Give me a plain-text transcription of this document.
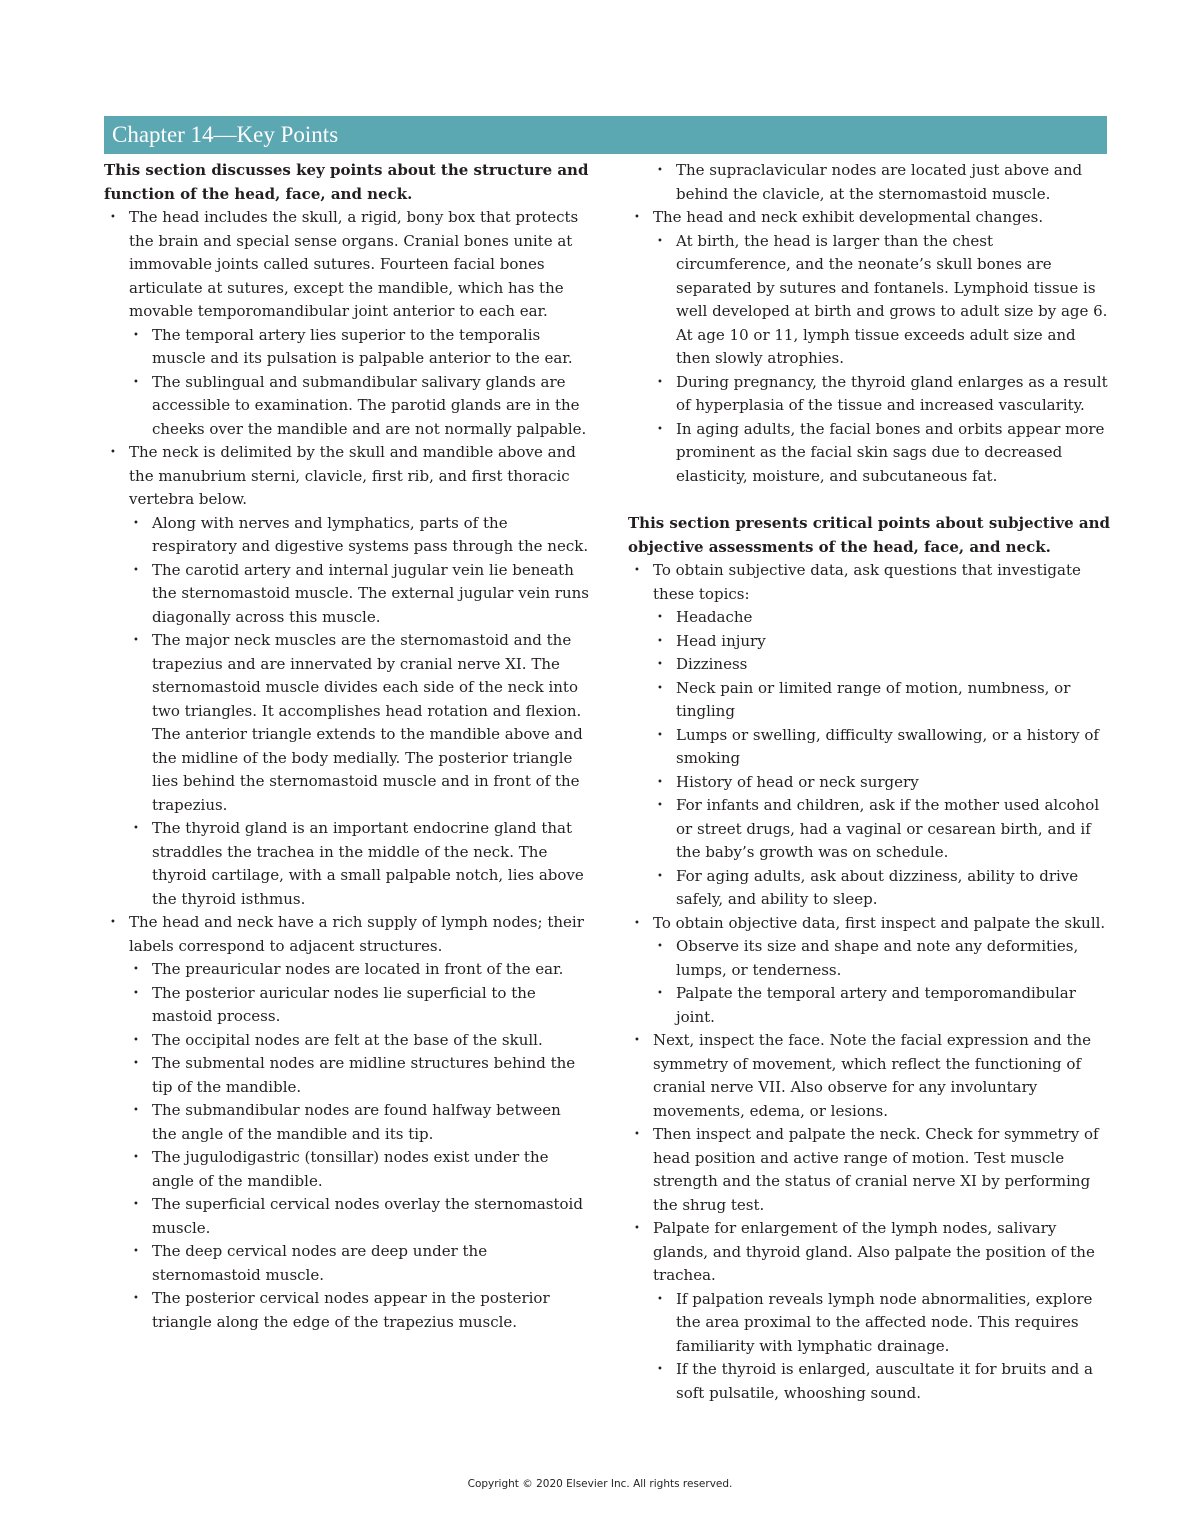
Chapter 14—Key Points

This section discusses key points about the structure and function of the head, face, and neck.

• The head includes the skull, a rigid, bony box that protects the brain and special sense organs. Cranial bones unite at immovable joints called sutures. Fourteen facial bones articulate at sutures, except the mandible, which has the movable temporomandibular joint anterior to each ear.
• The temporal artery lies superior to the temporalis muscle and its pulsation is palpable anterior to the ear.
• The sublingual and submandibular salivary glands are accessible to examination. The parotid glands are in the cheeks over the mandible and are not normally palpable.
• The neck is delimited by the skull and mandible above and the manubrium sterni, clavicle, first rib, and first thoracic vertebra below.
• Along with nerves and lymphatics, parts of the respiratory and digestive systems pass through the neck.
• The carotid artery and internal jugular vein lie beneath the sternomastoid muscle. The external jugular vein runs diagonally across this muscle.
• The major neck muscles are the sternomastoid and the trapezius and are innervated by cranial nerve XI. The sternomastoid muscle divides each side of the neck into two triangles. It accomplishes head rotation and flexion. The anterior triangle extends to the mandible above and the midline of the body medially. The posterior triangle lies behind the sternomastoid muscle and in front of the trapezius.
• The thyroid gland is an important endocrine gland that straddles the trachea in the middle of the neck. The thyroid cartilage, with a small palpable notch, lies above the thyroid isthmus.
• The head and neck have a rich supply of lymph nodes; their labels correspond to adjacent structures.
• The preauricular nodes are located in front of the ear.
• The posterior auricular nodes lie superficial to the mastoid process.
• The occipital nodes are felt at the base of the skull.
• The submental nodes are midline structures behind the tip of the mandible.
• The submandibular nodes are found halfway between the angle of the mandible and its tip.
• The jugulodigastric (tonsillar) nodes exist under the angle of the mandible.
• The superficial cervical nodes overlay the sternomastoid muscle.
• The deep cervical nodes are deep under the sternomastoid muscle.
• The posterior cervical nodes appear in the posterior triangle along the edge of the trapezius muscle.
• The supraclavicular nodes are located just above and behind the clavicle, at the sternomastoid muscle.
• The head and neck exhibit developmental changes.
• At birth, the head is larger than the chest circumference, and the neonate’s skull bones are separated by sutures and fontanels. Lymphoid tissue is well developed at birth and grows to adult size by age 6. At age 10 or 11, lymph tissue exceeds adult size and then slowly atrophies.
• During pregnancy, the thyroid gland enlarges as a result of hyperplasia of the tissue and increased vascularity.
• In aging adults, the facial bones and orbits appear more prominent as the facial skin sags due to decreased elasticity, moisture, and subcutaneous fat.

This section presents critical points about subjective and objective assessments of the head, face, and neck.

• To obtain subjective data, ask questions that investigate these topics:
• Headache
• Head injury
• Dizziness
• Neck pain or limited range of motion, numbness, or tingling
• Lumps or swelling, difficulty swallowing, or a history of smoking
• History of head or neck surgery
• For infants and children, ask if the mother used alcohol or street drugs, had a vaginal or cesarean birth, and if the baby’s growth was on schedule.
• For aging adults, ask about dizziness, ability to drive safely, and ability to sleep.
• To obtain objective data, first inspect and palpate the skull.
• Observe its size and shape and note any deformities, lumps, or tenderness.
• Palpate the temporal artery and temporomandibular joint.
• Next, inspect the face. Note the facial expression and the symmetry of movement, which reflect the functioning of cranial nerve VII. Also observe for any involuntary movements, edema, or lesions.
• Then inspect and palpate the neck. Check for symmetry of head position and active range of motion. Test muscle strength and the status of cranial nerve XI by performing the shrug test.
• Palpate for enlargement of the lymph nodes, salivary glands, and thyroid gland. Also palpate the position of the trachea.
• If palpation reveals lymph node abnormalities, explore the area proximal to the affected node. This requires familiarity with lymphatic drainage.
• If the thyroid is enlarged, auscultate it for bruits and a soft pulsatile, whooshing sound.
Copyright © 2020 Elsevier Inc. All rights reserved.
